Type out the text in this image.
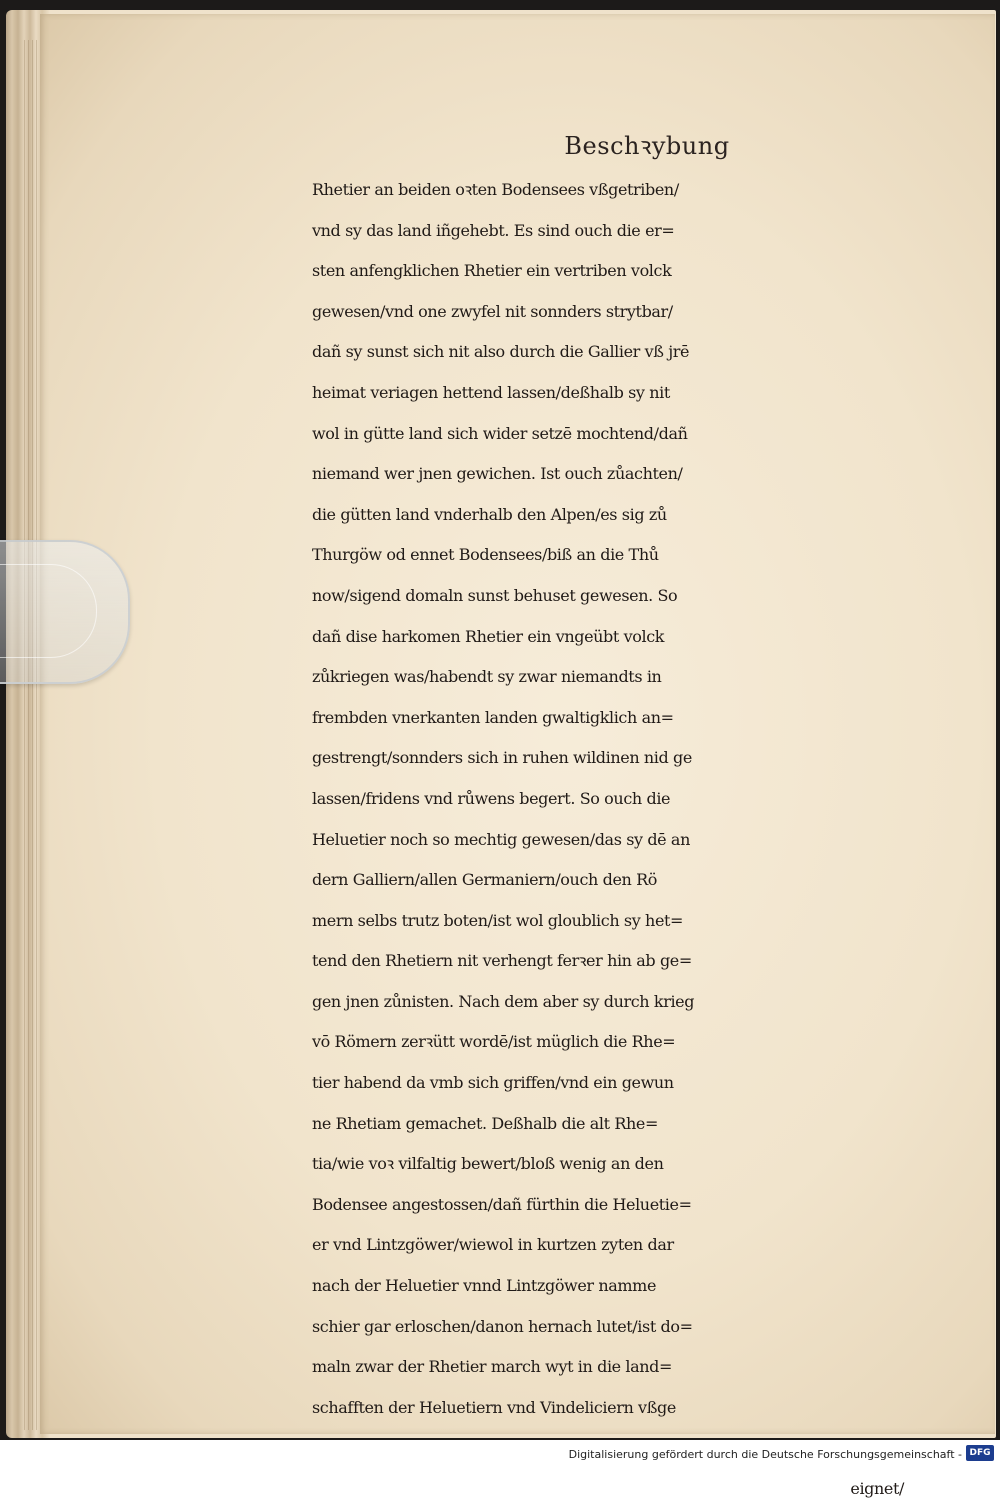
Beschꝛybung
Rhetier an beiden oꝛten Bodensees vßgetriben/
vnd sy das land iñgehebt. Es sind ouch die er=
sten anfengklichen Rhetier ein vertriben volck
gewesen/vnd one zwyfel nit sonnders strytbar/
dañ sy sunst sich nit also durch die Gallier vß jrē
heimat veriagen hettend lassen/deßhalb sy nit
wol in gütte land sich wider setzē mochtend/dañ
niemand wer jnen gewichen. Ist ouch zůachten/
die gütten land vnderhalb den Alpen/es sig zů
Thurgöw od ennet Bodensees/biß an die Thů
now/sigend domaln sunst behuset gewesen. So
dañ dise harkomen Rhetier ein vngeübt volck
zůkriegen was/habendt sy zwar niemandts in
frembden vnerkanten landen gwaltigklich an=
gestrengt/sonnders sich in ruhen wildinen nid ge
lassen/fridens vnd růwens begert. So ouch die
Heluetier noch so mechtig gewesen/das sy dē an
dern Galliern/allen Germaniern/ouch den Rö
mern selbs trutz boten/ist wol gloublich sy het=
tend den Rhetiern nit verhengt ferꝛer hin ab ge=
gen jnen zůnisten. Nach dem aber sy durch krieg
vō Römern zerꝛütt wordē/ist müglich die Rhe=
tier habend da vmb sich griffen/vnd ein gewun
ne Rhetiam gemachet. Deßhalb die alt Rhe=
tia/wie voꝛ vilfaltig bewert/bloß wenig an den
Bodensee angestossen/dañ fürthin die Heluetie=
er vnd Lintzgöwer/wiewol in kurtzen zyten dar
nach der Heluetier vnnd Lintzgöwer namme
schier gar erloschen/danon hernach lutet/ist do=
maln zwar der Rhetier march wyt in die land=
schafften der Heluetiern vnd Vindeliciern vßge
eignet/
Digitalisierung gefördert durch die Deutsche Forschungsgemeinschaft - DFG
